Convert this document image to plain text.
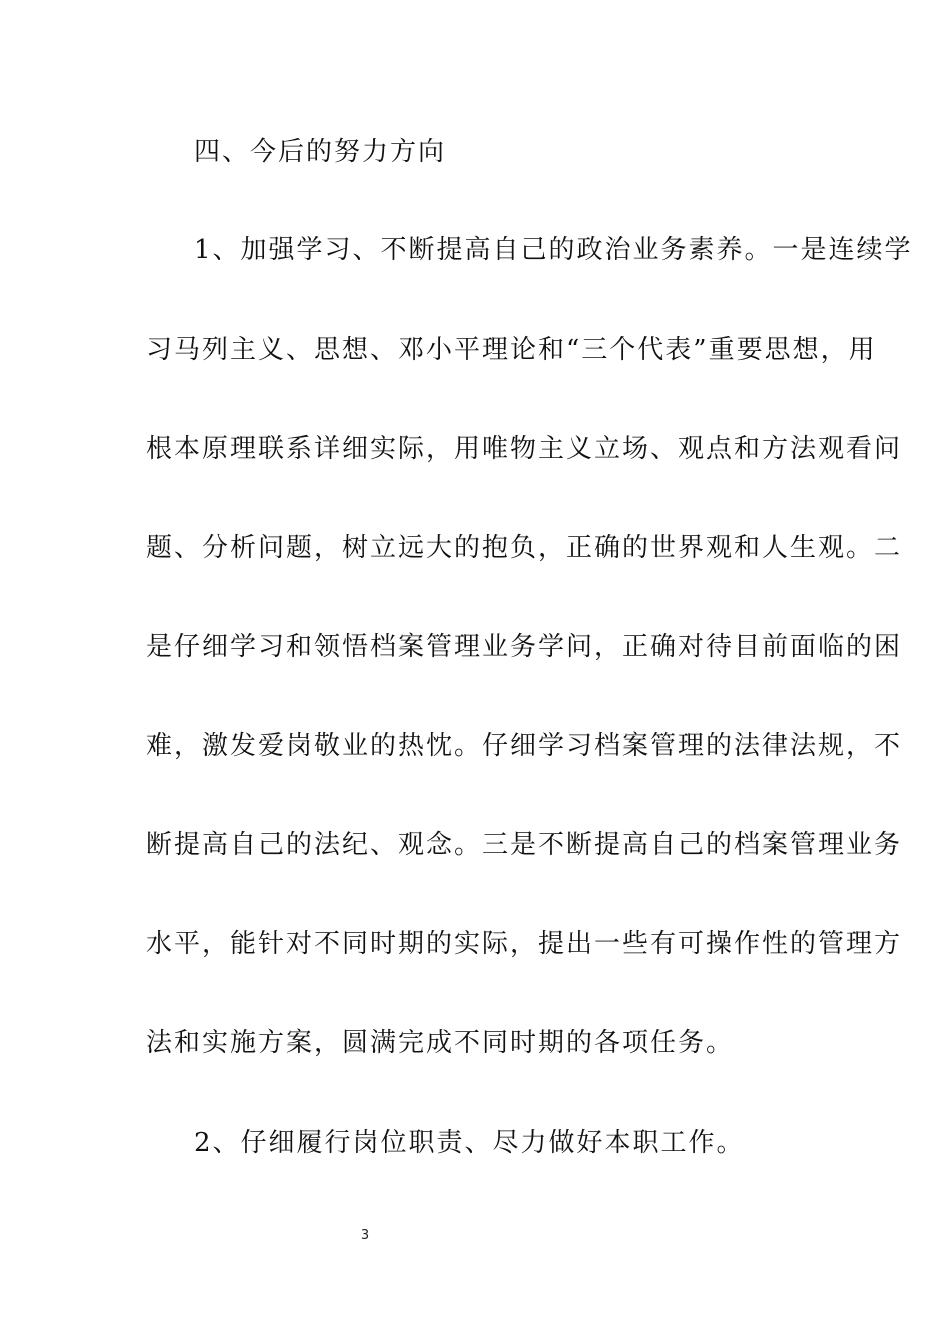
四、今后的努力方向
1、加强学习、不断提高自己的政治业务素养。一是连续学
习马列主义、思想、邓小平理论和“三个代表”重要思想，用
根本原理联系详细实际，用唯物主义立场、观点和方法观看问
题、分析问题，树立远大的抱负，正确的世界观和人生观。二
是仔细学习和领悟档案管理业务学问，正确对待目前面临的困
难，激发爱岗敬业的热忱。仔细学习档案管理的法律法规，不
断提高自己的法纪、观念。三是不断提高自己的档案管理业务
水平，能针对不同时期的实际，提出一些有可操作性的管理方
法和实施方案，圆满完成不同时期的各项任务。
2、仔细履行岗位职责、尽力做好本职工作。
3
